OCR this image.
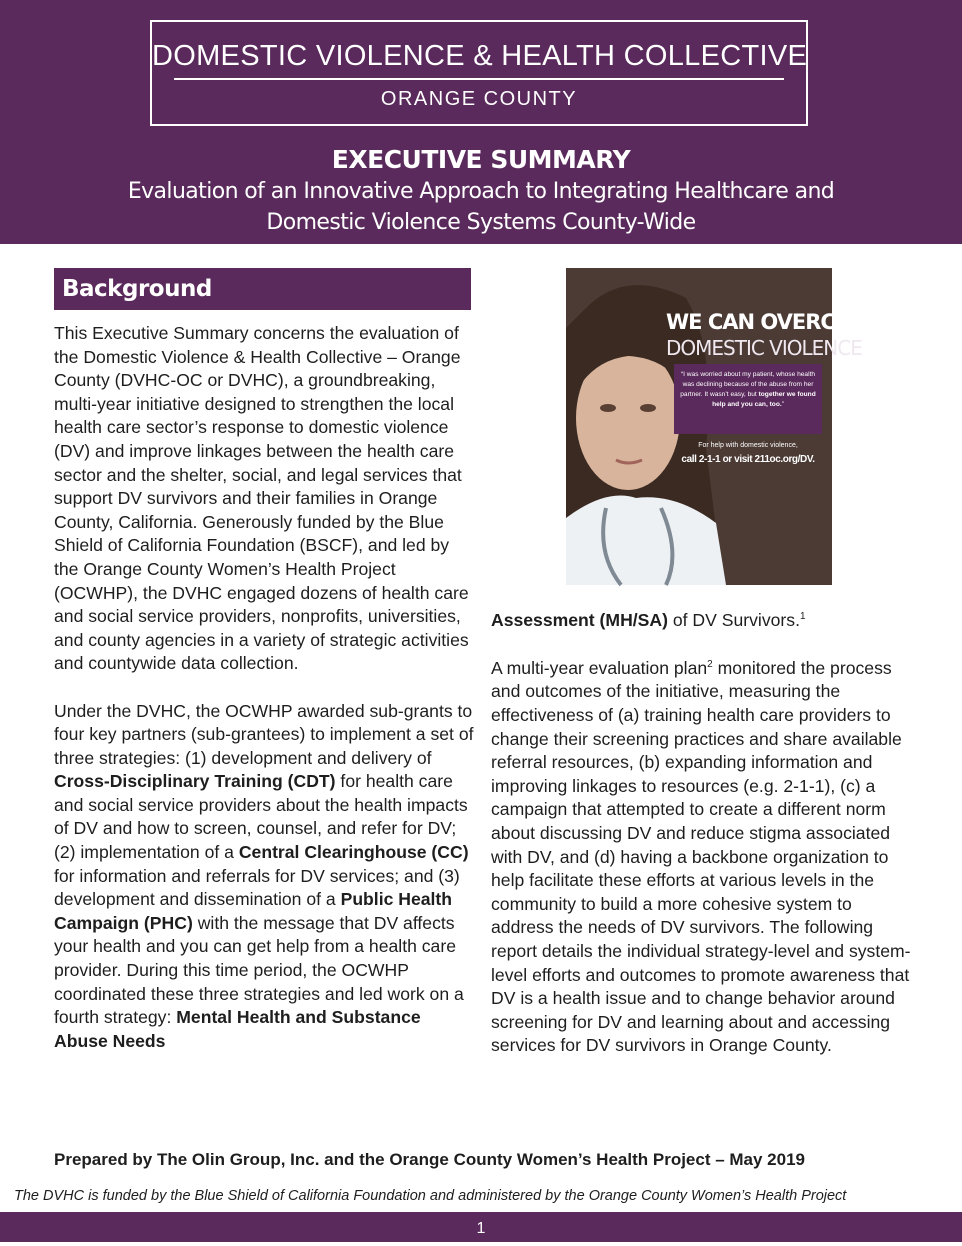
DOMESTIC VIOLENCE & HEALTH COLLECTIVE
ORANGE COUNTY
EXECUTIVE SUMMARY
Evaluation of an Innovative Approach to Integrating Healthcare and Domestic Violence Systems County-Wide
Background

This Executive Summary concerns the evaluation of the Domestic Violence & Health Collective – Orange County (DVHC-OC or DVHC), a groundbreaking, multi-year initiative designed to strengthen the local health care sector’s response to domestic violence (DV) and improve linkages between the health care sector and the shelter, social, and legal services that support DV survivors and their families in Orange County, California. Generously funded by the Blue Shield of California Foundation (BSCF), and led by the Orange County Women’s Health Project (OCWHP), the DVHC engaged dozens of health care and social service providers, nonprofits, universities, and county agencies in a variety of strategic activities and countywide data collection.

Under the DVHC, the OCWHP awarded sub-grants to four key partners (sub-grantees) to implement a set of three strategies: (1) development and delivery of Cross-Disciplinary Training (CDT) for health care and social service providers about the health impacts of DV and how to screen, counsel, and refer for DV; (2) implementation of a Central Clearinghouse (CC) for information and referrals for DV services; and (3) development and dissemination of a Public Health Campaign (PHC) with the message that DV affects your health and you can get help from a health care provider. During this time period, the OCWHP coordinated these three strategies and led work on a fourth strategy: Mental Health and Substance Abuse Needs

WE CAN OVERCOME
DOMESTIC VIOLENCE
“I was worried about my patient, whose health was declining because of the abuse from her partner. It wasn’t easy, but together we found help and you can, too.”
For help with domestic violence,
call 2-1-1 or visit 211oc.org/DV.

Assessment (MH/SA) of DV Survivors.$^1$

A multi-year evaluation plan$^2$ monitored the process and outcomes of the initiative, measuring the effectiveness of (a) training health care providers to change their screening practices and share available referral resources, (b) expanding information and improving linkages to resources (e.g. 2-1-1), (c) a campaign that attempted to create a different norm about discussing DV and reduce stigma associated with DV, and (d) having a backbone organization to help facilitate these efforts at various levels in the community to build a more cohesive system to address the needs of DV survivors. The following report details the individual strategy-level and system-level efforts and outcomes to promote awareness that DV is a health issue and to change behavior around screening for DV and learning about and accessing services for DV survivors in Orange County.

Prepared by The Olin Group, Inc. and the Orange County Women’s Health Project – May 2019
The DVHC is funded by the Blue Shield of California Foundation and administered by the Orange County Women’s Health Project
1
